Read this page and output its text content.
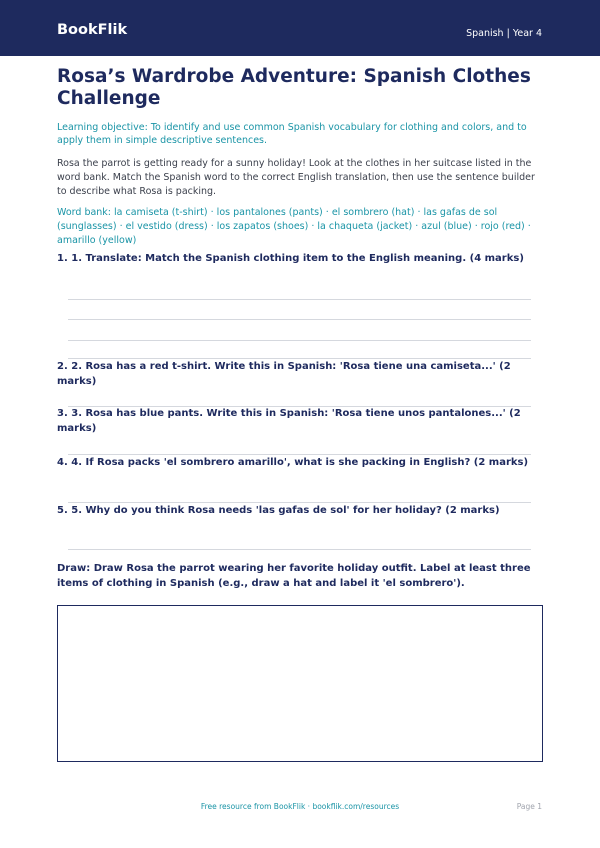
BookFlik	Spanish | Year 4
Rosa’s Wardrobe Adventure: Spanish Clothes Challenge
Learning objective: To identify and use common Spanish vocabulary for clothing and colors, and to apply them in simple descriptive sentences.
Rosa the parrot is getting ready for a sunny holiday! Look at the clothes in her suitcase listed in the word bank. Match the Spanish word to the correct English translation, then use the sentence builder to describe what Rosa is packing.
Word bank: la camiseta (t-shirt) · los pantalones (pants) · el sombrero (hat) · las gafas de sol (sunglasses) · el vestido (dress) · los zapatos (shoes) · la chaqueta (jacket) · azul (blue) · rojo (red) · amarillo (yellow)
1. 1. Translate: Match the Spanish clothing item to the English meaning. (4 marks)
2. 2. Rosa has a red t-shirt. Write this in Spanish: 'Rosa tiene una camiseta...' (2 marks)
3. 3. Rosa has blue pants. Write this in Spanish: 'Rosa tiene unos pantalones...' (2 marks)
4. 4. If Rosa packs 'el sombrero amarillo', what is she packing in English? (2 marks)
5. 5. Why do you think Rosa needs 'las gafas de sol' for her holiday? (2 marks)
Draw: Draw Rosa the parrot wearing her favorite holiday outfit. Label at least three items of clothing in Spanish (e.g., draw a hat and label it 'el sombrero').
Free resource from BookFlik · bookflik.com/resources	Page 1
